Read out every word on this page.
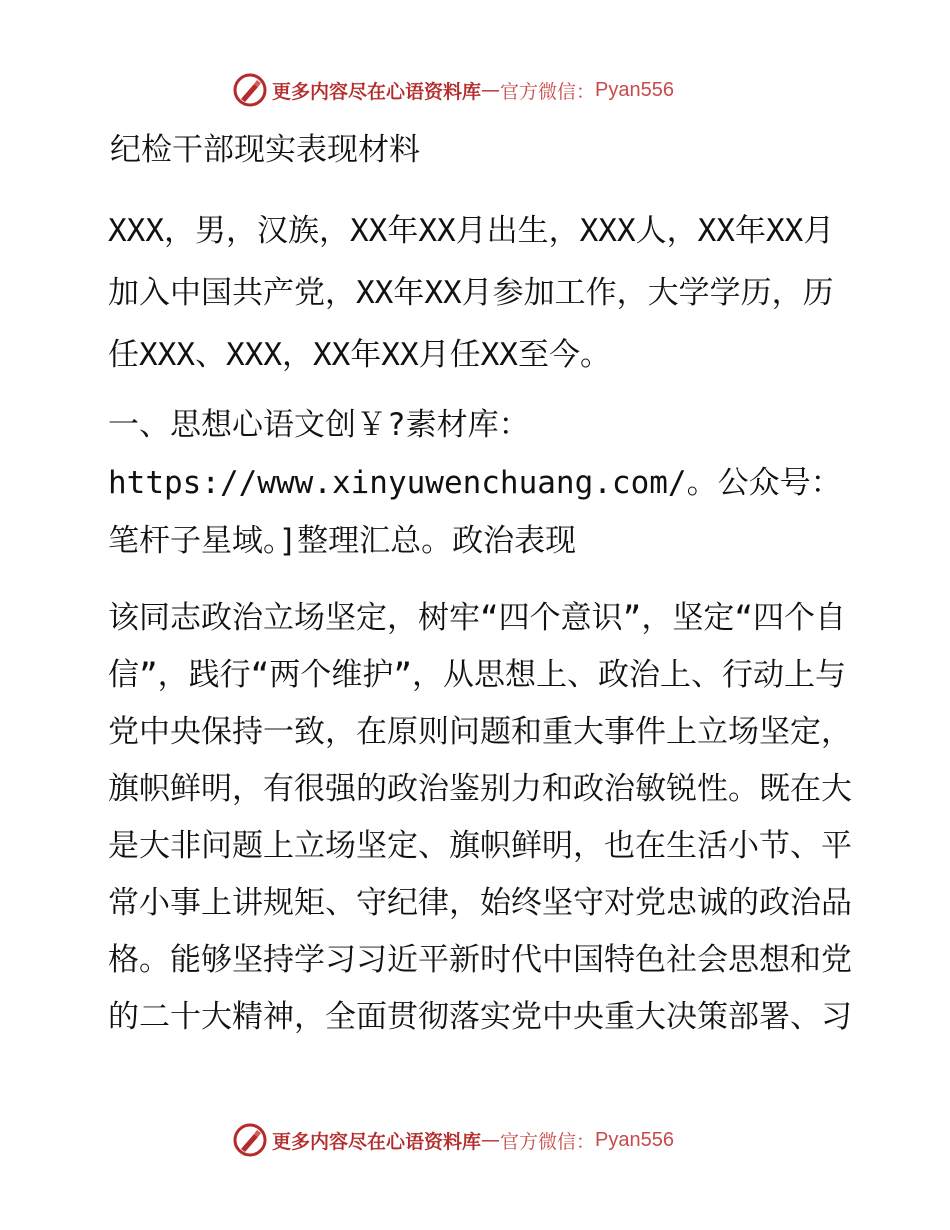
更多内容尽在心语资料库 — 官方微信： Pyan556

纪检干部现实表现材料

XXX，男，汉族，XX年XX月出生，XXX人，XX年XX月加入中国共产党，XX年XX月参加工作，大学学历，历任XXX、XXX，XX年XX月任XX至今。

一、思想心语文创￥?素材库：https://www.xinyuwenchuang.com/。公众号：笔杆子星域。]整理汇总。政治表现

该同志政治立场坚定，树牢“四个意识”，坚定“四个自信”，践行“两个维护”，从思想上、政治上、行动上与党中央保持一致，在原则问题和重大事件上立场坚定，旗帜鲜明，有很强的政治鉴别力和政治敏锐性。既在大是大非问题上立场坚定、旗帜鲜明，也在生活小节、平常小事上讲规矩、守纪律，始终坚守对党忠诚的政治品格。能够坚持学习习近平新时代中国特色社会思想和党的二十大精神，全面贯彻落实党中央重大决策部署、习

更多内容尽在心语资料库 — 官方微信： Pyan556
